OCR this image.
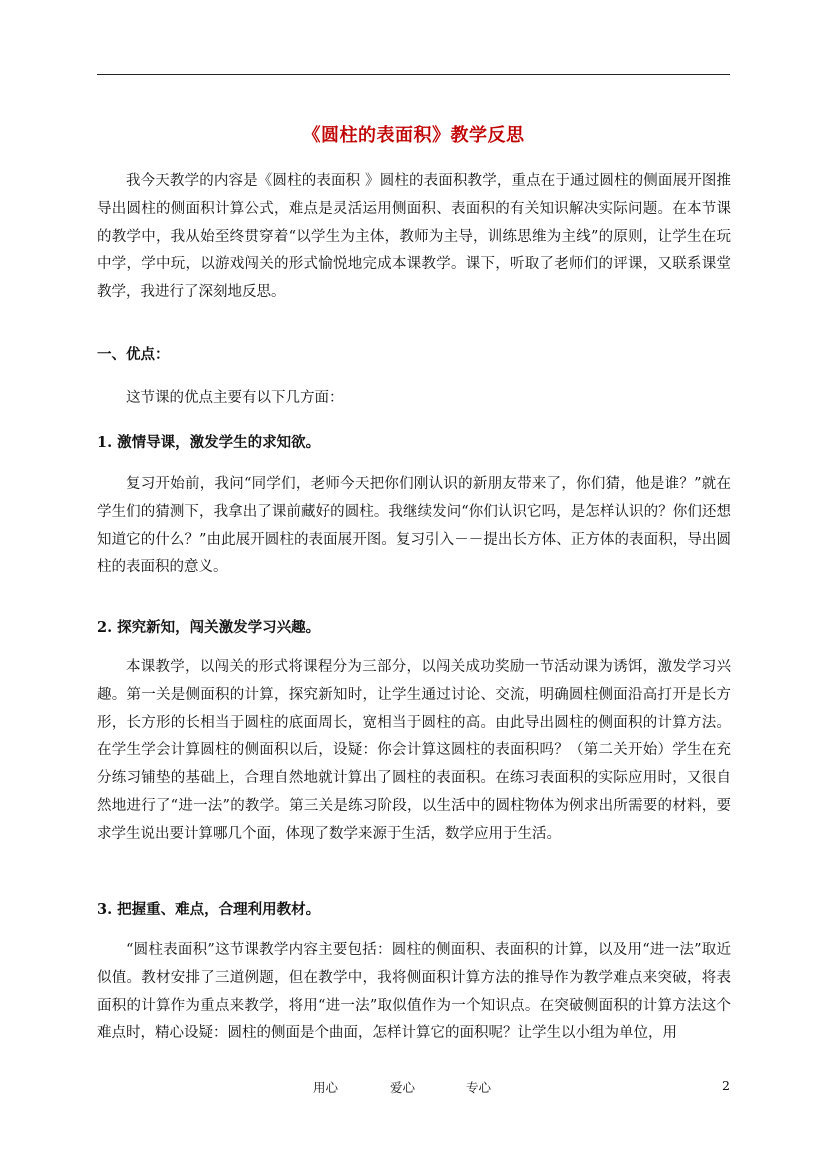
《圆柱的表面积》教学反思

我今天教学的内容是《圆柱的表面积 》圆柱的表面积教学，重点在于通过圆柱的侧面展开图推导出圆柱的侧面积计算公式，难点是灵活运用侧面积、表面积的有关知识解决实际问题。在本节课的教学中，我从始至终贯穿着“以学生为主体，教师为主导，训练思维为主线”的原则，让学生在玩中学，学中玩，以游戏闯关的形式愉悦地完成本课教学。课下，听取了老师们的评课，又联系课堂教学，我进行了深刻地反思。

一、优点：

这节课的优点主要有以下几方面：

1. 激情导课，激发学生的求知欲。

复习开始前，我问“同学们，老师今天把你们刚认识的新朋友带来了，你们猜，他是谁？”就在学生们的猜测下，我拿出了课前藏好的圆柱。我继续发问“你们认识它吗，是怎样认识的？你们还想知道它的什么？”由此展开圆柱的表面展开图。复习引入－－提出长方体、正方体的表面积，导出圆柱的表面积的意义。

2. 探究新知，闯关激发学习兴趣。

本课教学，以闯关的形式将课程分为三部分，以闯关成功奖励一节活动课为诱饵，激发学习兴趣。第一关是侧面积的计算，探究新知时，让学生通过讨论、交流，明确圆柱侧面沿高打开是长方形，长方形的长相当于圆柱的底面周长，宽相当于圆柱的高。由此导出圆柱的侧面积的计算方法。在学生学会计算圆柱的侧面积以后，设疑：你会计算这圆柱的表面积吗？（第二关开始）学生在充分练习铺垫的基础上，合理自然地就计算出了圆柱的表面积。在练习表面积的实际应用时，又很自然地进行了“进一法”的教学。第三关是练习阶段，以生活中的圆柱物体为例求出所需要的材料，要求学生说出要计算哪几个面，体现了数学来源于生活，数学应用于生活。

3. 把握重、难点，合理利用教材。

“圆柱表面积”这节课教学内容主要包括：圆柱的侧面积、表面积的计算，以及用“进一法”取近似值。教材安排了三道例题，但在教学中，我将侧面积计算方法的推导作为教学难点来突破，将表面积的计算作为重点来教学，将用“进一法”取似值作为一个知识点。在突破侧面积的计算方法这个难点时，精心设疑：圆柱的侧面是个曲面，怎样计算它的面积呢？让学生以小组为单位，用

用心	爱心	专心	2
